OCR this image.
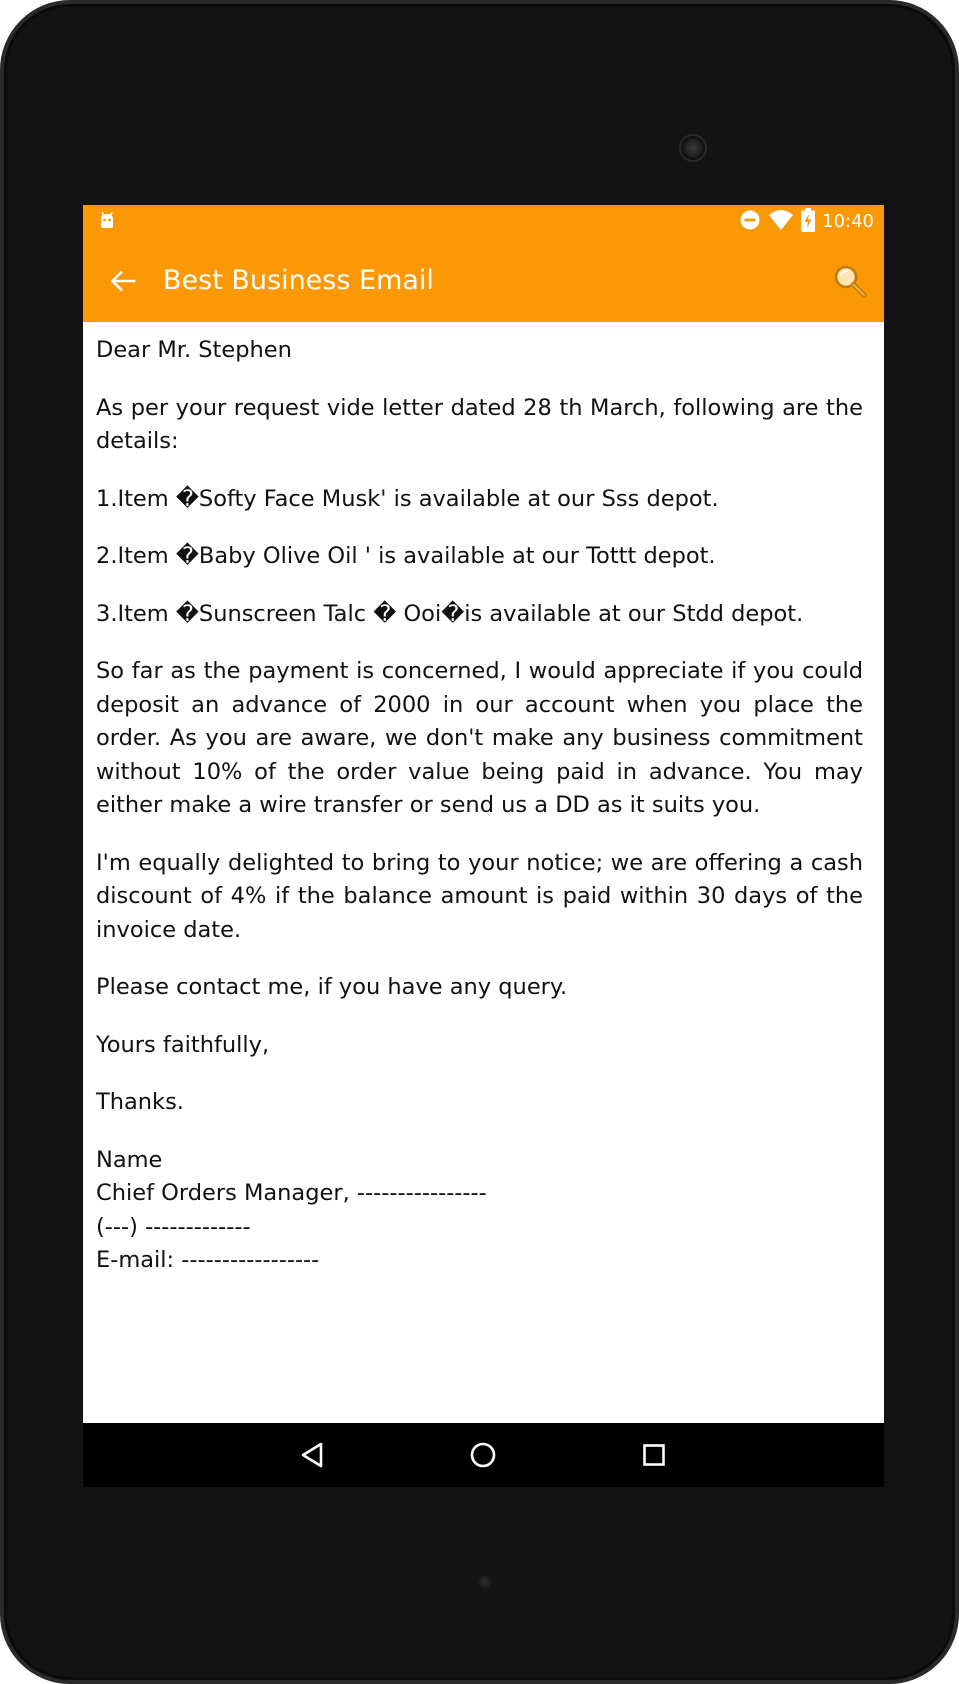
10:40
Best Business Email

Dear Mr. Stephen

As per your request vide letter dated 28 th March, following are the details:

1.Item �Softy Face Musk' is available at our Sss depot.

2.Item �Baby Olive Oil ' is available at our Tottt depot.

3.Item �Sunscreen Talc � Ooi�is available at our Stdd depot.

So far as the payment is concerned, I would appreciate if you could deposit an advance of 2000 in our account when you place the order. As you are aware, we don't make any business commitment without 10% of the order value being paid in advance. You may either make a wire transfer or send us a DD as it suits you.

I'm equally delighted to bring to your notice; we are offering a cash discount of 4% if the balance amount is paid within 30 days of the invoice date.

Please contact me, if you have any query.

Yours faithfully,

Thanks.

Name
Chief Orders Manager, ----------------
(---) -------------
E-mail: -----------------
